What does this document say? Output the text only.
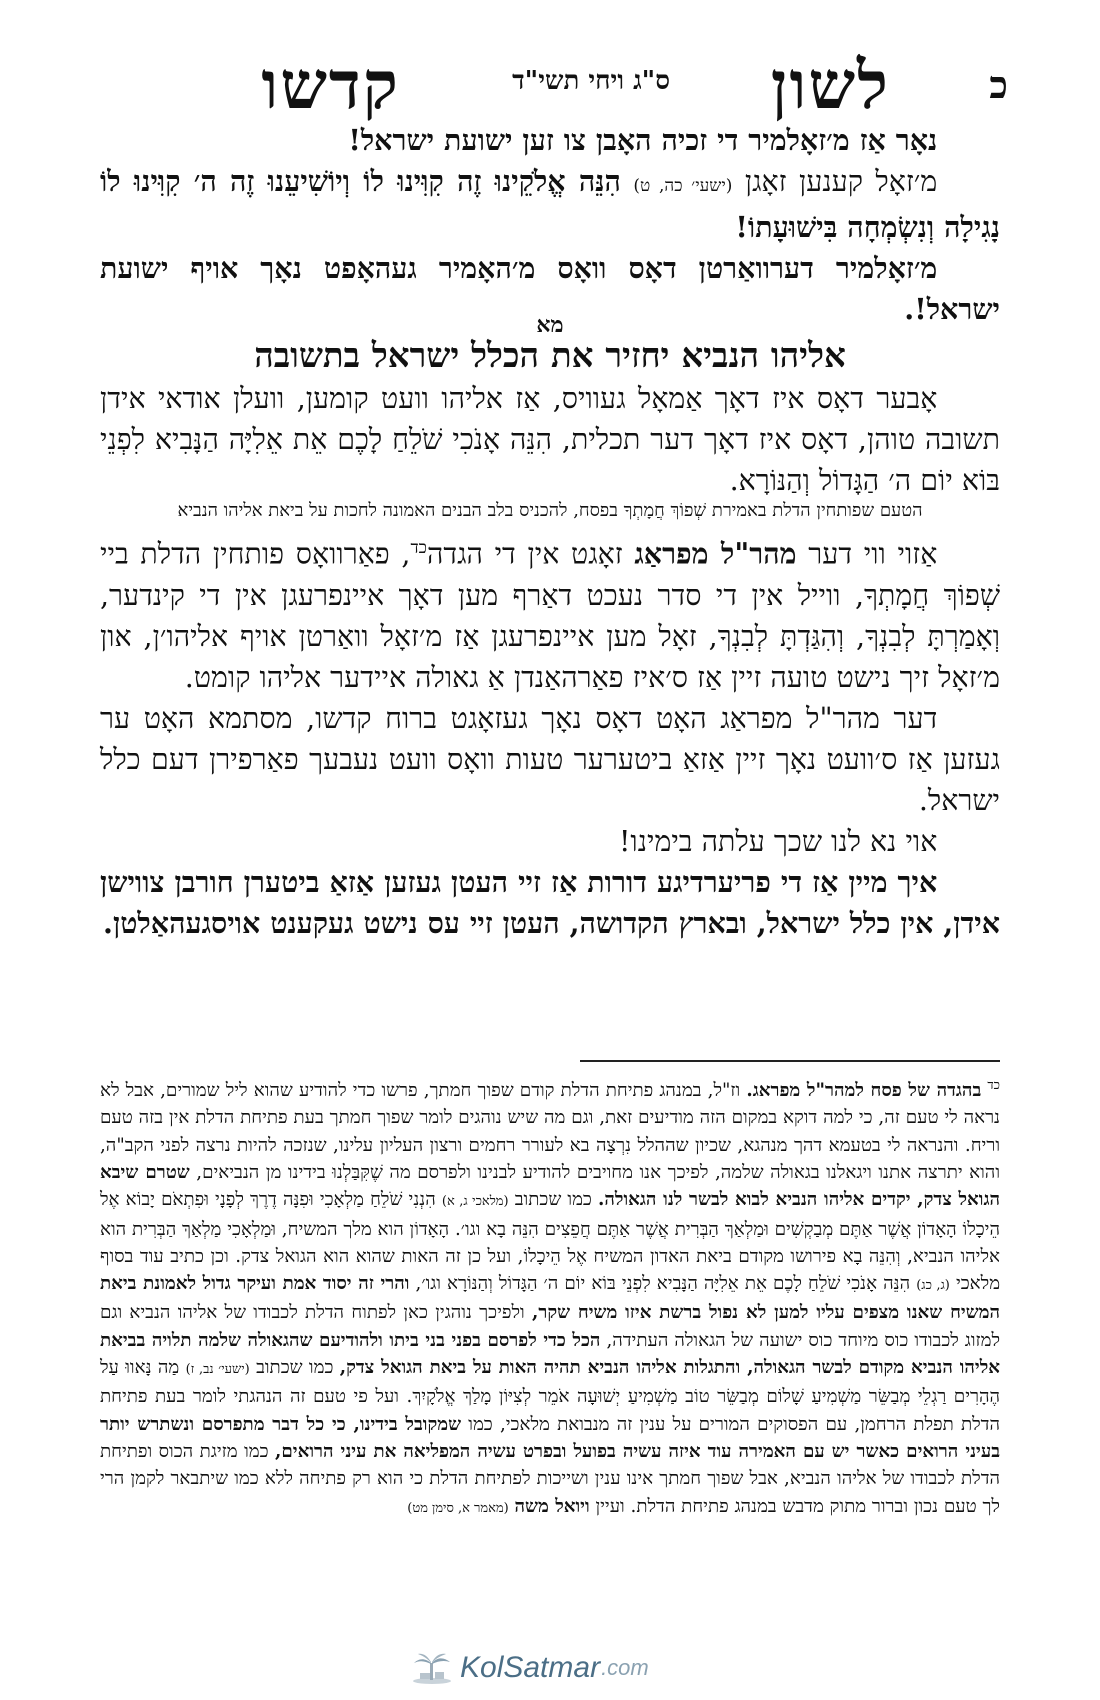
כ
לשון
ס"ג ויחי תשי"ד
קדשו

נאָר אַז מ׳זאָלמיר די זכיה האָבן צו זען ישועת ישראל!

מ׳זאָל קענען זאָגן (ישעי׳ כה, ט) הִנֵּה אֱלֹקֵינוּ זֶה קִוִּינוּ לוֹ וְיוֹשִׁיעֵנוּ זֶה ה׳ קִוִּינוּ לוֹ נָגִילָה וְנִשְׂמְחָה בִּישׁוּעָתוֹ!

מ׳זאָלמיר דערוואַרטן דאָס וואָס מ׳האָמיר געהאָפט נאָך אויף ישועת ישראל!.

מא
אליהו הנביא יחזיר את הכלל ישראל בתשובה

אָבער דאָס איז דאָך אַמאָל געוויס, אַז אליהו וועט קומען, וועלן אודאי אידן תשובה טוהן, דאָס איז דאָך דער תכלית, הִנֵּה אָנֹכִי שֹׁלֵחַ לָכֶם אֵת אֵלִיָּה הַנָּבִיא לִפְנֵי בּוֹא יוֹם ה׳ הַגָּדוֹל וְהַנּוֹרָא.

הטעם שפותחין הדלת באמירת שְׁפוֹךְ חֲמָתְךָ בפסח, להכניס בלב הבנים האמונה לחכות על ביאת אליהו הנביא

אַזוי ווי דער מהר"ל מפראַג זאָגט אין די הגדה$^{כד}$, פאַרוואָס פותחין הדלת ביי שְׁפוֹךְ חֲמָתְךָ, ווייל אין די סדר נעכט דאַרף מען דאָך איינפרעגן אין די קינדער, וְאָמַרְתָּ לְבִנְךָ, וְהִגַּדְתָּ לְבִנְךָ, זאָל מען איינפרעגן אַז מ׳זאָל וואַרטן אויף אליהו׳ן, און מ׳זאָל זיך נישט טועה זיין אַז ס׳איז פאַרהאַנדן אַ גאולה איידער אליהו קומט.

דער מהר"ל מפראַג האָט דאָס נאָך געזאָגט ברוח קדשו, מסתמא האָט ער געזען אַז ס׳וועט נאָך זיין אַזאַ ביטערער טעות וואָס וועט נעבעך פאַרפירן דעם כלל ישראל.

אוי נא לנו שכך עלתה בימינו!

איך מיין אַז די פריערדיגע דורות אַז זיי העטן געזען אַזאַ ביטערן חורבן צווישן אידן, אין כלל ישראל, ובארץ הקדושה, העטן זיי עס נישט געקענט אויסגעהאַלטן.

$^{כד}$ בהגדה של פסח למהר"ל מפראג. וז"ל, במנהג פתיחת הדלת קודם שפוך חמתך, פרשו כדי להודיע שהוא ליל שמורים, אבל לא נראה לי טעם זה, כי למה דוקא במקום הזה מודיעים זאת, וגם מה שיש נוהגים לומר שפוך חמתך בעת פתיחת הדלת אין בזה טעם וריח. והנראה לי בטעמא דהך מנהגא, שכיון שההלל נִרְצָה בא לעורר רחמים ורצון העליון עלינו, שנזכה להיות נרצה לפני הקב"ה, והוא יתרצה אתנו ויגאלנו בגאולה שלמה, לפיכך אנו מחויבים להודיע לבנינו ולפרסם מה שֶׁקִּבַּלְנוּ בידינו מן הנביאים, שטרם שיבא הגואל צדק, יקדים אליהו הנביא לבוא לבשר לנו הגאולה. כמו שכתוב (מלאכי ג, א) הִנְנִי שֹׁלֵחַ מַלְאָכִי וּפִנָּה דֶרֶךְ לְפָנָי וּפִתְאֹם יָבוֹא אֶל הֵיכָלוֹ הָאָדוֹן אֲשֶׁר אַתֶּם מְבַקְשִׁים וּמַלְאַךְ הַבְּרִית אֲשֶׁר אַתֶּם חֲפֵצִים הִנֵּה בָא וגו׳. הָאָדוֹן הוא מלך המשיח, וּמַלְאָכִי מַלְאַךְ הַבְּרִית הוא אליהו הנביא, וְהִנֵּה בָא פירושו מקודם ביאת האדון המשיח אֶל הֵיכָלוֹ, ועל כן זה האות שהוא הוא הגואל צדק. וכן כתיב עוד בסוף מלאכי (ג, כג) הִנֵּה אָנֹכִי שֹׁלֵחַ לָכֶם אֵת אֵלִיָּה הַנָּבִיא לִפְנֵי בּוֹא יוֹם ה׳ הַגָּדוֹל וְהַנּוֹרָא וגו׳, והרי זה יסוד אמת ועיקר גדול לאמונת ביאת המשיח שאנו מצפים עליו למען לא נפול ברשת איזו משיח שקר, ולפיכך נוהגין כאן לפתוח הדלת לכבודו של אליהו הנביא וגם למזוג לכבודו כוס מיוחד כוס ישועה של הגאולה העתידה, הכל כדי לפרסם בפני בני ביתו ולהודיעם שהגאולה שלמה תלויה בביאת אליהו הנביא מקודם לבשר הגאולה, והתגלות אליהו הנביא תהיה האות על ביאת הגואל צדק, כמו שכתוב (ישעי׳ נב, ז) מַה נָּאווּ עַל הֶהָרִים רַגְלֵי מְבַשֵּׂר מַשְׁמִיעַ שָׁלוֹם מְבַשֵּׂר טוֹב מַשְׁמִיעַ יְשׁוּעָה אֹמֵר לְצִיּוֹן מָלַךְ אֱלֹקָיִךְ. ועל פי טעם זה הנהגתי לומר בעת פתיחת הדלת תפלת הרחמן, עם הפסוקים המורים על ענין זה מנבואת מלאכי, כמו שמקובל בידינו, כי כל דבר מתפרסם ונשתרש יותר בעיני הרואים כאשר יש עם האמירה עוד איזה עשיה בפועל ובפרט עשיה המפליאה את עיני הרואים, כמו מזיגת הכוס ופתיחת הדלת לכבודו של אליהו הנביא, אבל שפוך חמתך אינו ענין ושייכות לפתיחת הדלת כי הוא רק פתיחה ללא כמו שיתבאר לקמן הרי לך טעם נכון וברור מתוק מדבש במנהג פתיחת הדלת. ועיין ויואל משה (מאמר א, סימן מט)

KolSatmar .com
